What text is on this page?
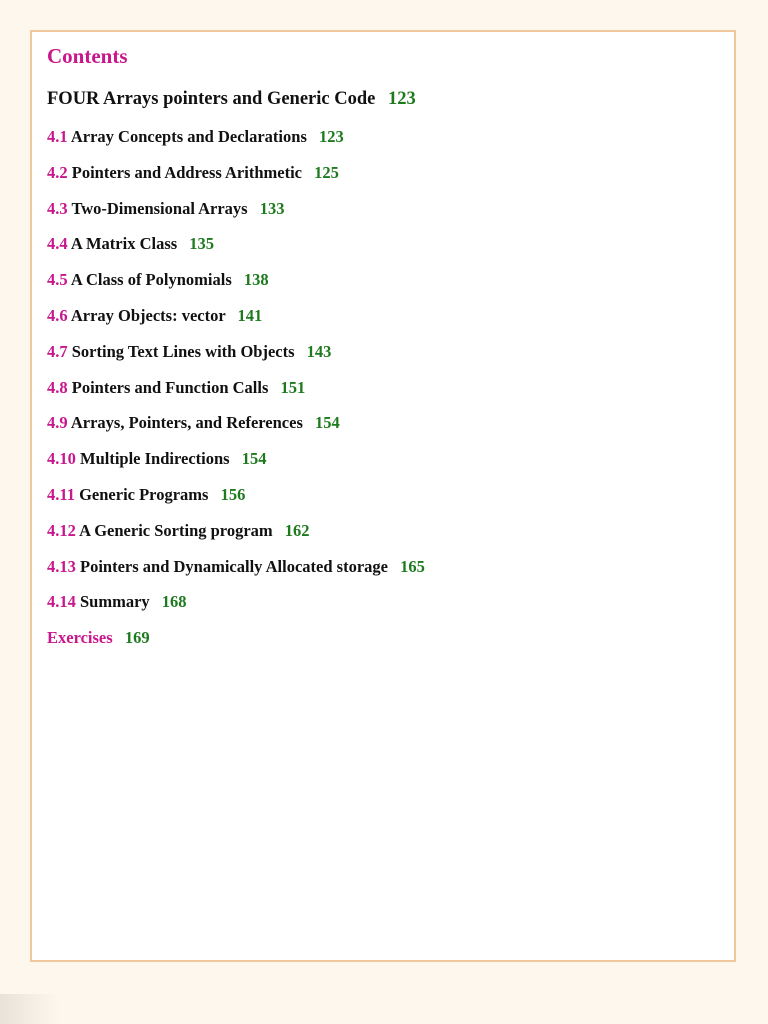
Contents
FOUR Arrays pointers and Generic Code 123
4.1 Array Concepts and Declarations 123
4.2 Pointers and Address Arithmetic 125
4.3 Two-Dimensional Arrays 133
4.4 A Matrix Class 135
4.5 A Class of Polynomials 138
4.6 Array Objects: vector 141
4.7 Sorting Text Lines with Objects 143
4.8 Pointers and Function Calls 151
4.9 Arrays, Pointers, and References 154
4.10 Multiple Indirections 154
4.11 Generic Programs 156
4.12 A Generic Sorting program 162
4.13 Pointers and Dynamically Allocated storage 165
4.14 Summary 168
Exercises 169
